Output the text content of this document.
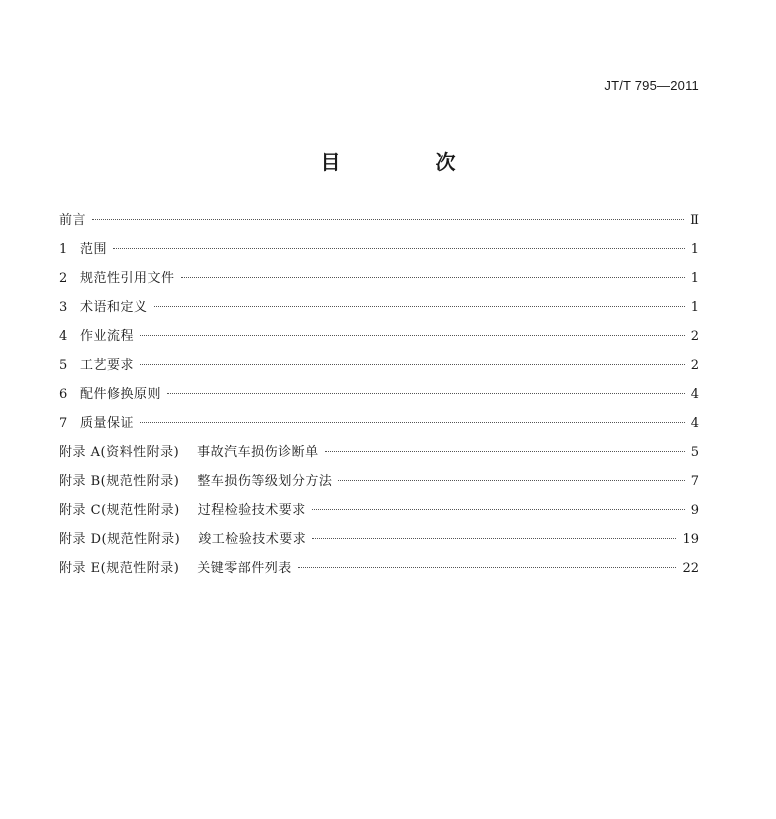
JT/T 795—2011
目 次
前言	Ⅱ
1 范围	1
2 规范性引用文件	1
3 术语和定义	1
4 作业流程	2
5 工艺要求	2
6 配件修换原则	4
7 质量保证	4
附录 A(资料性附录) 事故汽车损伤诊断单	5
附录 B(规范性附录) 整车损伤等级划分方法	7
附录 C(规范性附录) 过程检验技术要求	9
附录 D(规范性附录) 竣工检验技术要求	19
附录 E(规范性附录) 关键零部件列表	22
